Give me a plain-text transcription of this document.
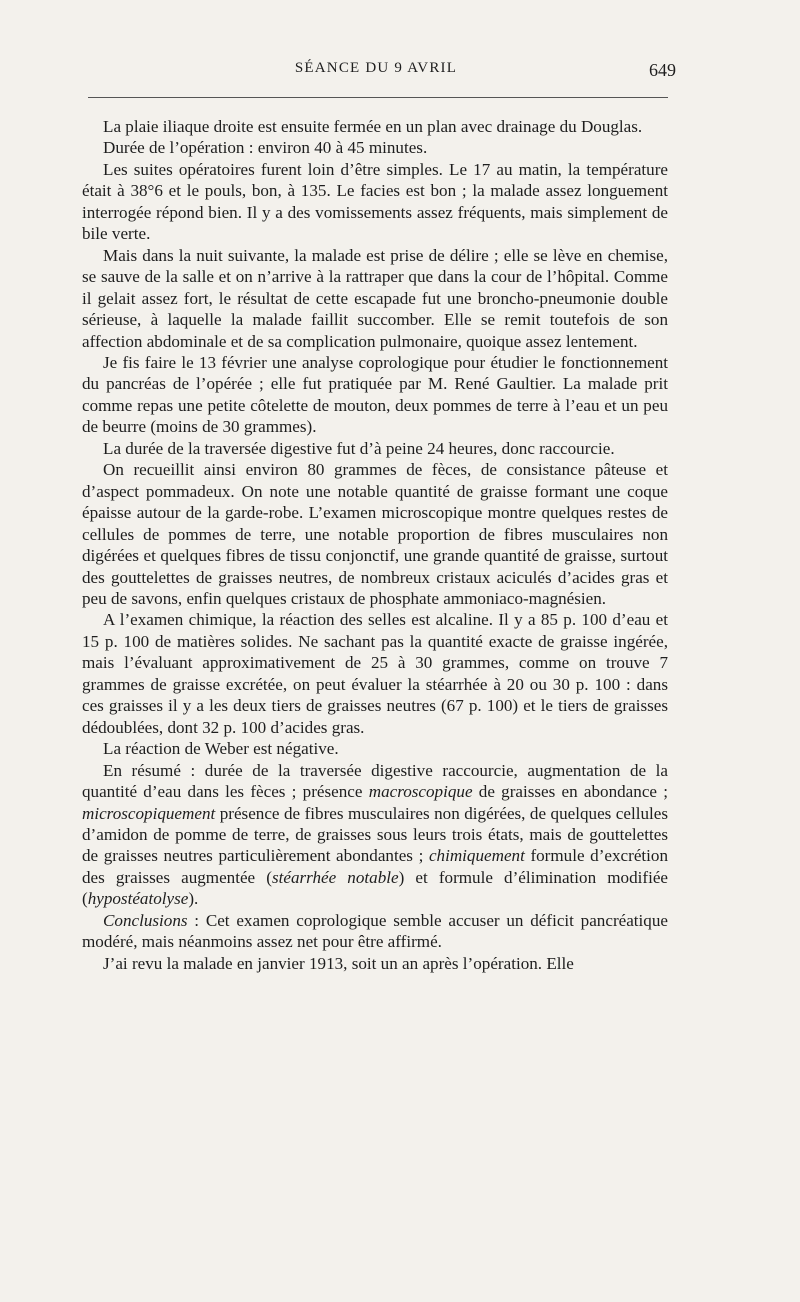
SÉANCE DU 9 AVRIL	649

La plaie iliaque droite est ensuite fermée en un plan avec drainage du Douglas.

Durée de l’opération : environ 40 à 45 minutes.

Les suites opératoires furent loin d’être simples. Le 17 au matin, la température était à 38°6 et le pouls, bon, à 135. Le facies est bon ; la malade assez longuement interrogée répond bien. Il y a des vomissements assez fréquents, mais simplement de bile verte.

Mais dans la nuit suivante, la malade est prise de délire ; elle se lève en chemise, se sauve de la salle et on n’arrive à la rattraper que dans la cour de l’hôpital. Comme il gelait assez fort, le résultat de cette escapade fut une broncho-pneumonie double sérieuse, à laquelle la malade faillit succomber. Elle se remit toutefois de son affection abdominale et de sa complication pulmonaire, quoique assez lentement.

Je fis faire le 13 février une analyse coprologique pour étudier le fonctionnement du pancréas de l’opérée ; elle fut pratiquée par M. René Gaultier. La malade prit comme repas une petite côtelette de mouton, deux pommes de terre à l’eau et un peu de beurre (moins de 30 grammes).

La durée de la traversée digestive fut d’à peine 24 heures, donc raccourcie.

On recueillit ainsi environ 80 grammes de fèces, de consistance pâteuse et d’aspect pommadeux. On note une notable quantité de graisse formant une coque épaisse autour de la garde-robe. L’examen microscopique montre quelques restes de cellules de pommes de terre, une notable proportion de fibres musculaires non digérées et quelques fibres de tissu conjonctif, une grande quantité de graisse, surtout des gouttelettes de graisses neutres, de nombreux cristaux aciculés d’acides gras et peu de savons, enfin quelques cristaux de phosphate ammoniaco-magnésien.

A l’examen chimique, la réaction des selles est alcaline. Il y a 85 p. 100 d’eau et 15 p. 100 de matières solides. Ne sachant pas la quantité exacte de graisse ingérée, mais l’évaluant approximativement de 25 à 30 grammes, comme on trouve 7 grammes de graisse excrétée, on peut évaluer la stéarrhée à 20 ou 30 p. 100 : dans ces graisses il y a les deux tiers de graisses neutres (67 p. 100) et le tiers de graisses dédoublées, dont 32 p. 100 d’acides gras.

La réaction de Weber est négative.

En résumé : durée de la traversée digestive raccourcie, augmentation de la quantité d’eau dans les fèces ; présence macroscopique de graisses en abondance ; microscopiquement présence de fibres musculaires non digérées, de quelques cellules d’amidon de pomme de terre, de graisses sous leurs trois états, mais de gouttelettes de graisses neutres particulièrement abondantes ; chimiquement formule d’excrétion des graisses augmentée (stéarrhée notable) et formule d’élimination modifiée (hypostéatolyse).

Conclusions : Cet examen coprologique semble accuser un déficit pancréatique modéré, mais néanmoins assez net pour être affirmé.

J’ai revu la malade en janvier 1913, soit un an après l’opération. Elle
